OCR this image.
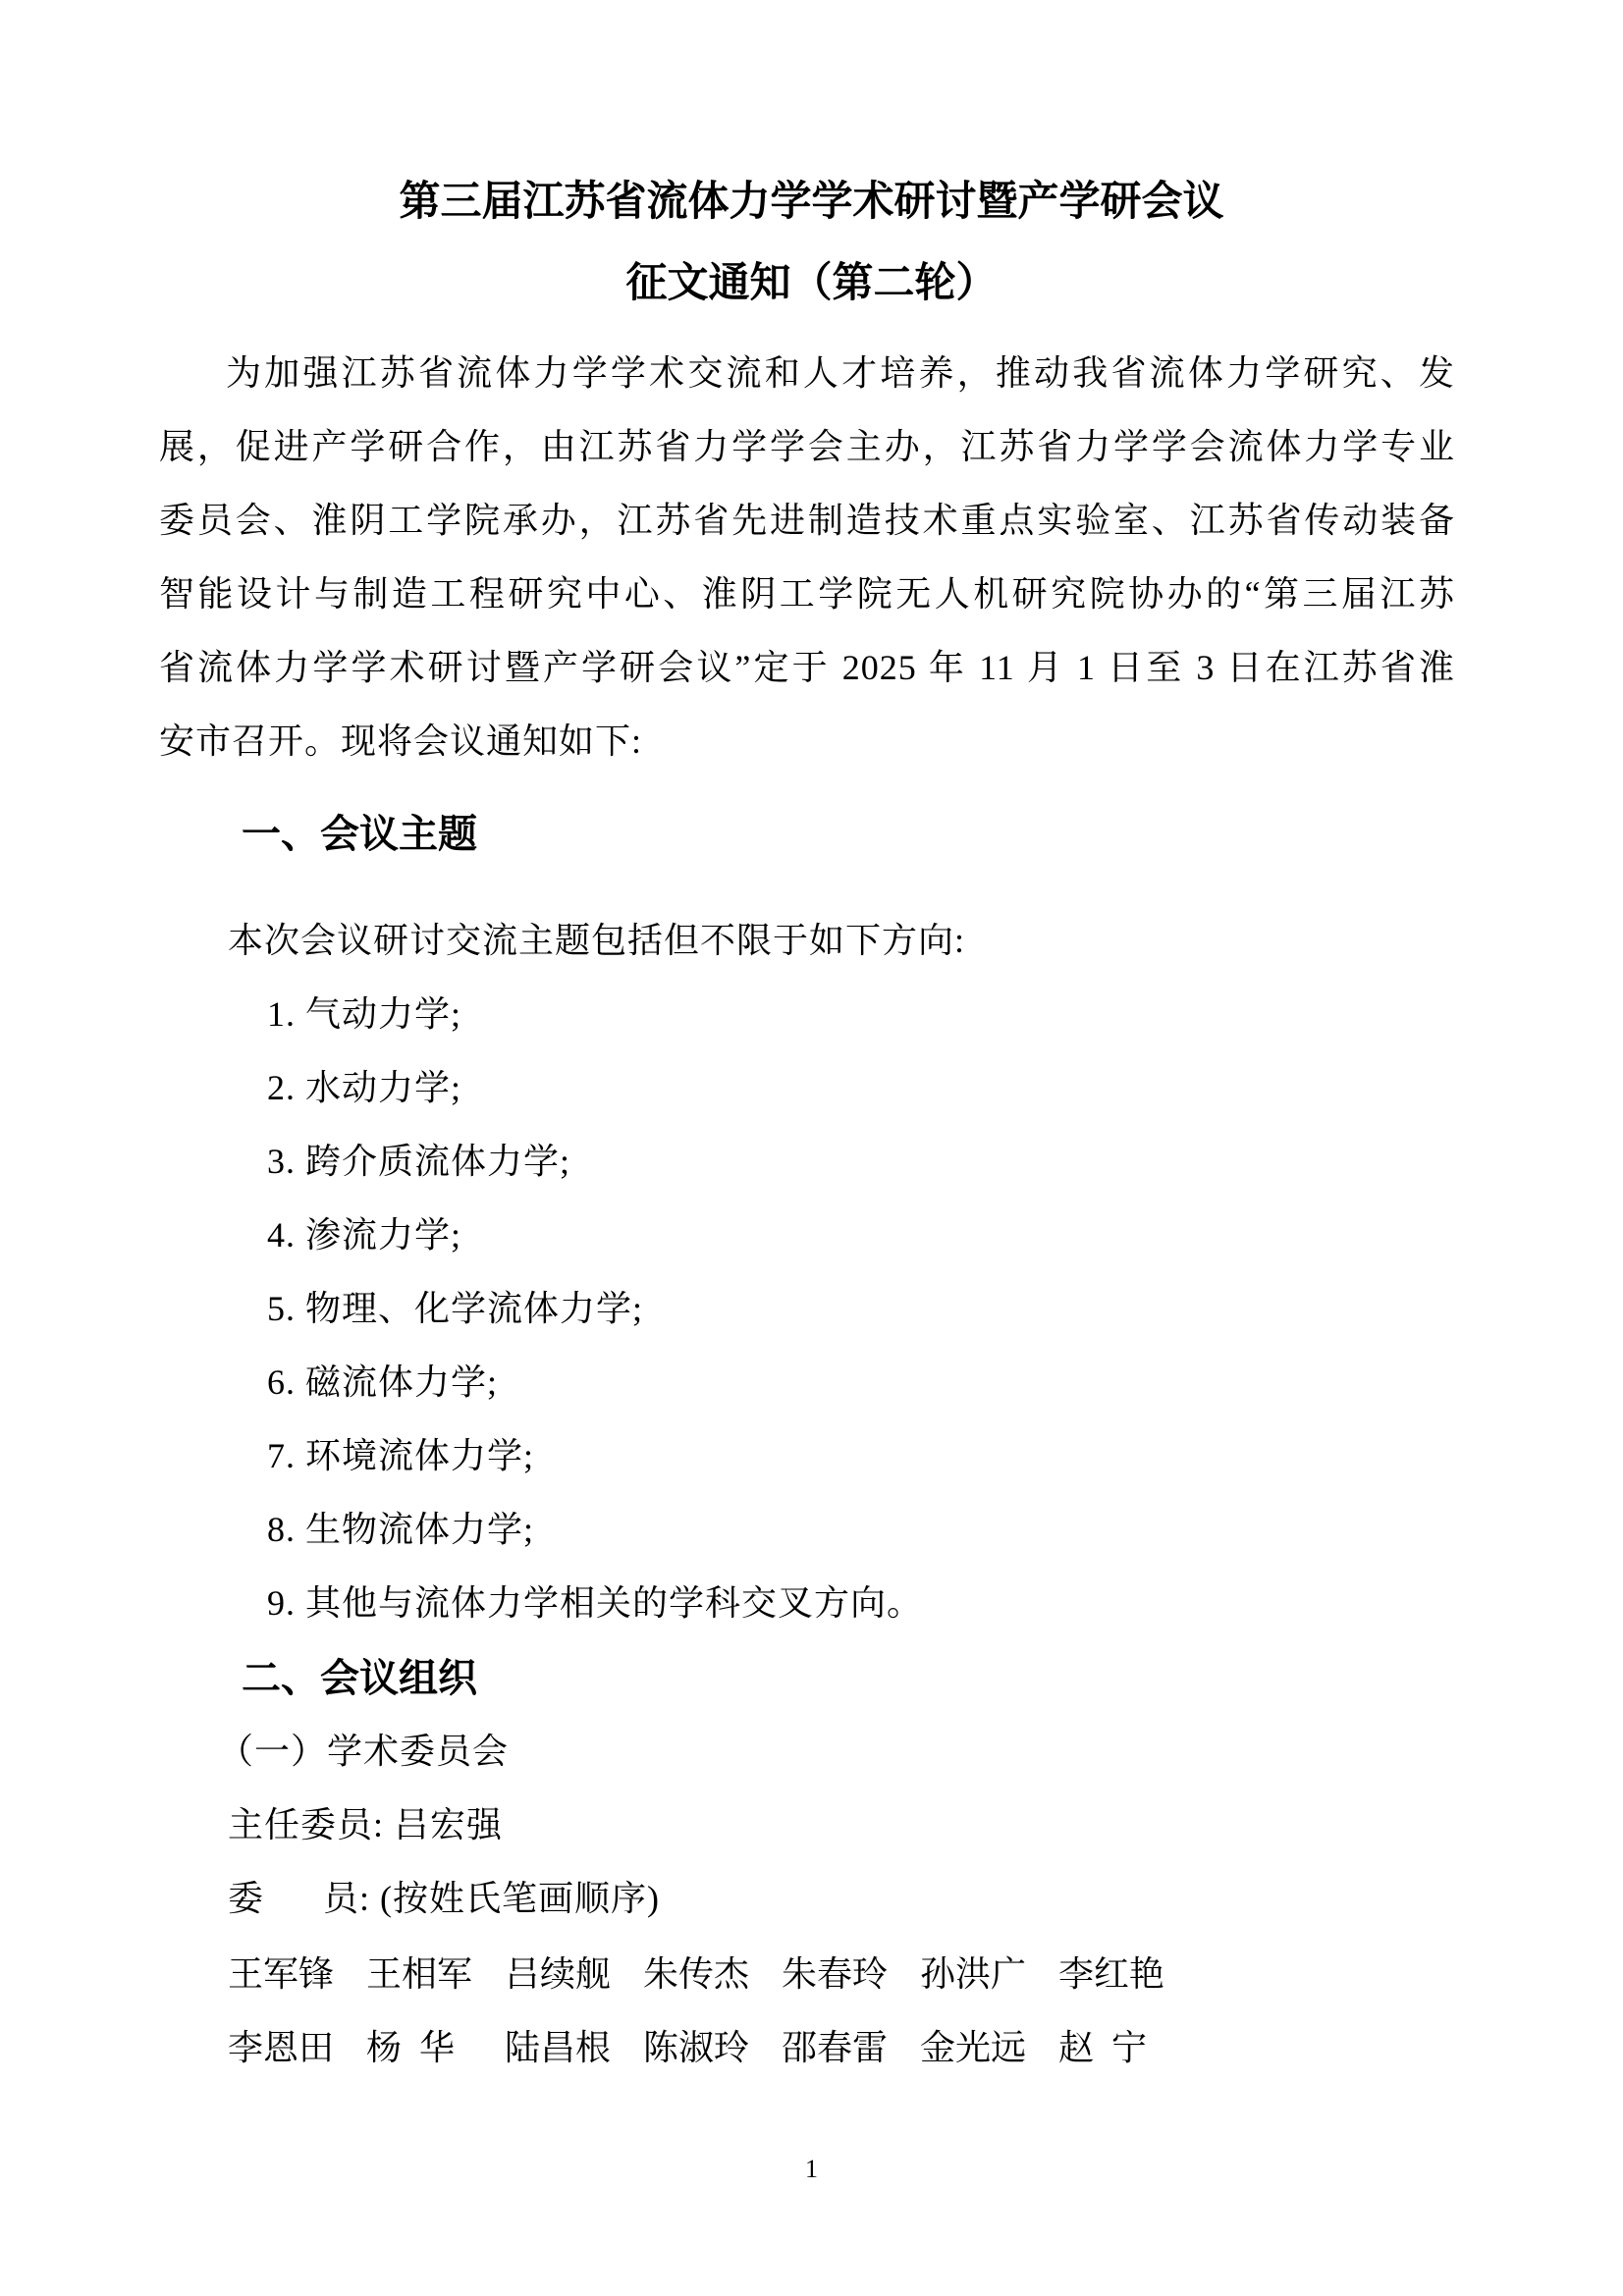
第三届江苏省流体力学学术研讨暨产学研会议
征文通知（第二轮）
为加强江苏省流体力学学术交流和人才培养，推动我省流体力学研究、发
展，促进产学研合作，由江苏省力学学会主办，江苏省力学学会流体力学专业
委员会、淮阴工学院承办，江苏省先进制造技术重点实验室、江苏省传动装备
智能设计与制造工程研究中心、淮阴工学院无人机研究院协办的“第三届江苏
省流体力学学术研讨暨产学研会议”定于 2025 年 11 月 1 日至 3 日在江苏省淮
安市召开。现将会议通知如下:
一、会议主题
本次会议研讨交流主题包括但不限于如下方向:
1. 气动力学;
2. 水动力学;
3. 跨介质流体力学;
4. 渗流力学;
5. 物理、化学流体力学;
6. 磁流体力学;
7. 环境流体力学;
8. 生物流体力学;
9. 其他与流体力学相关的学科交叉方向。
二、会议组织
（一）学术委员会
主任委员: 吕宏强
委      员: (按姓氏笔画顺序)
王军锋 王相军 吕续舰 朱传杰 朱春玲 孙洪广 李红艳
李恩田 杨  华	陆昌根 陈淑玲 邵春雷 金光远 赵  宁
1
